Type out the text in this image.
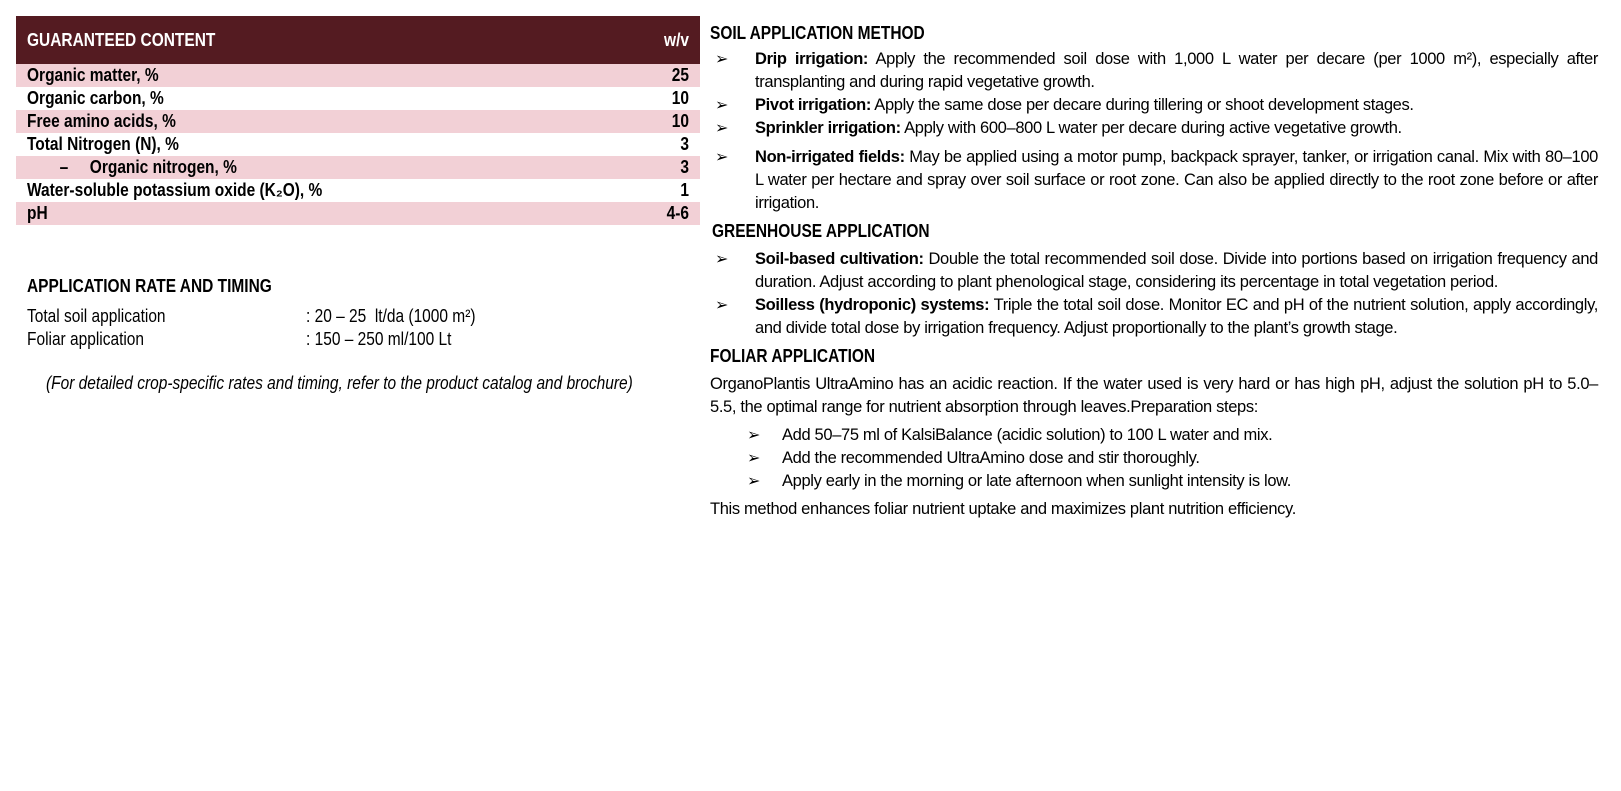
GUARANTEED CONTENT	w/v
Organic matter, %	25
Organic carbon, %	10
Free amino acids, %	10
Total Nitrogen (N), %	3
–     Organic nitrogen, %	3
Water-soluble potassium oxide (K₂O), %	1
pH	4-6
APPLICATION RATE AND TIMING
Total soil application	: 20 – 25  lt/da (1000 m²)
Foliar application	: 150 – 250 ml/100 Lt
(For detailed crop-specific rates and timing, refer to the product catalog and brochure)
SOIL APPLICATION METHOD
➢ Drip irrigation: Apply the recommended soil dose with 1,000 L water per decare (per 1000 m²), especially after transplanting and during rapid vegetative growth.
➢ Pivot irrigation: Apply the same dose per decare during tillering or shoot development stages.
➢ Sprinkler irrigation: Apply with 600–800 L water per decare during active vegetative growth.
➢ Non-irrigated fields: May be applied using a motor pump, backpack sprayer, tanker, or irrigation canal. Mix with 80–100 L water per hectare and spray over soil surface or root zone. Can also be applied directly to the root zone before or after irrigation.
GREENHOUSE APPLICATION
➢ Soil-based cultivation: Double the total recommended soil dose. Divide into portions based on irrigation frequency and duration. Adjust according to plant phenological stage, considering its percentage in total vegetation period.
➢ Soilless (hydroponic) systems: Triple the total soil dose. Monitor EC and pH of the nutrient solution, apply accordingly, and divide total dose by irrigation frequency. Adjust proportionally to the plant’s growth stage.
FOLIAR APPLICATION
OrganoPlantis UltraAmino has an acidic reaction. If the water used is very hard or has high pH, adjust the solution pH to 5.0–5.5, the optimal range for nutrient absorption through leaves.Preparation steps:
➢ Add 50–75 ml of KalsiBalance (acidic solution) to 100 L water and mix.
➢ Add the recommended UltraAmino dose and stir thoroughly.
➢ Apply early in the morning or late afternoon when sunlight intensity is low.
This method enhances foliar nutrient uptake and maximizes plant nutrition efficiency.
